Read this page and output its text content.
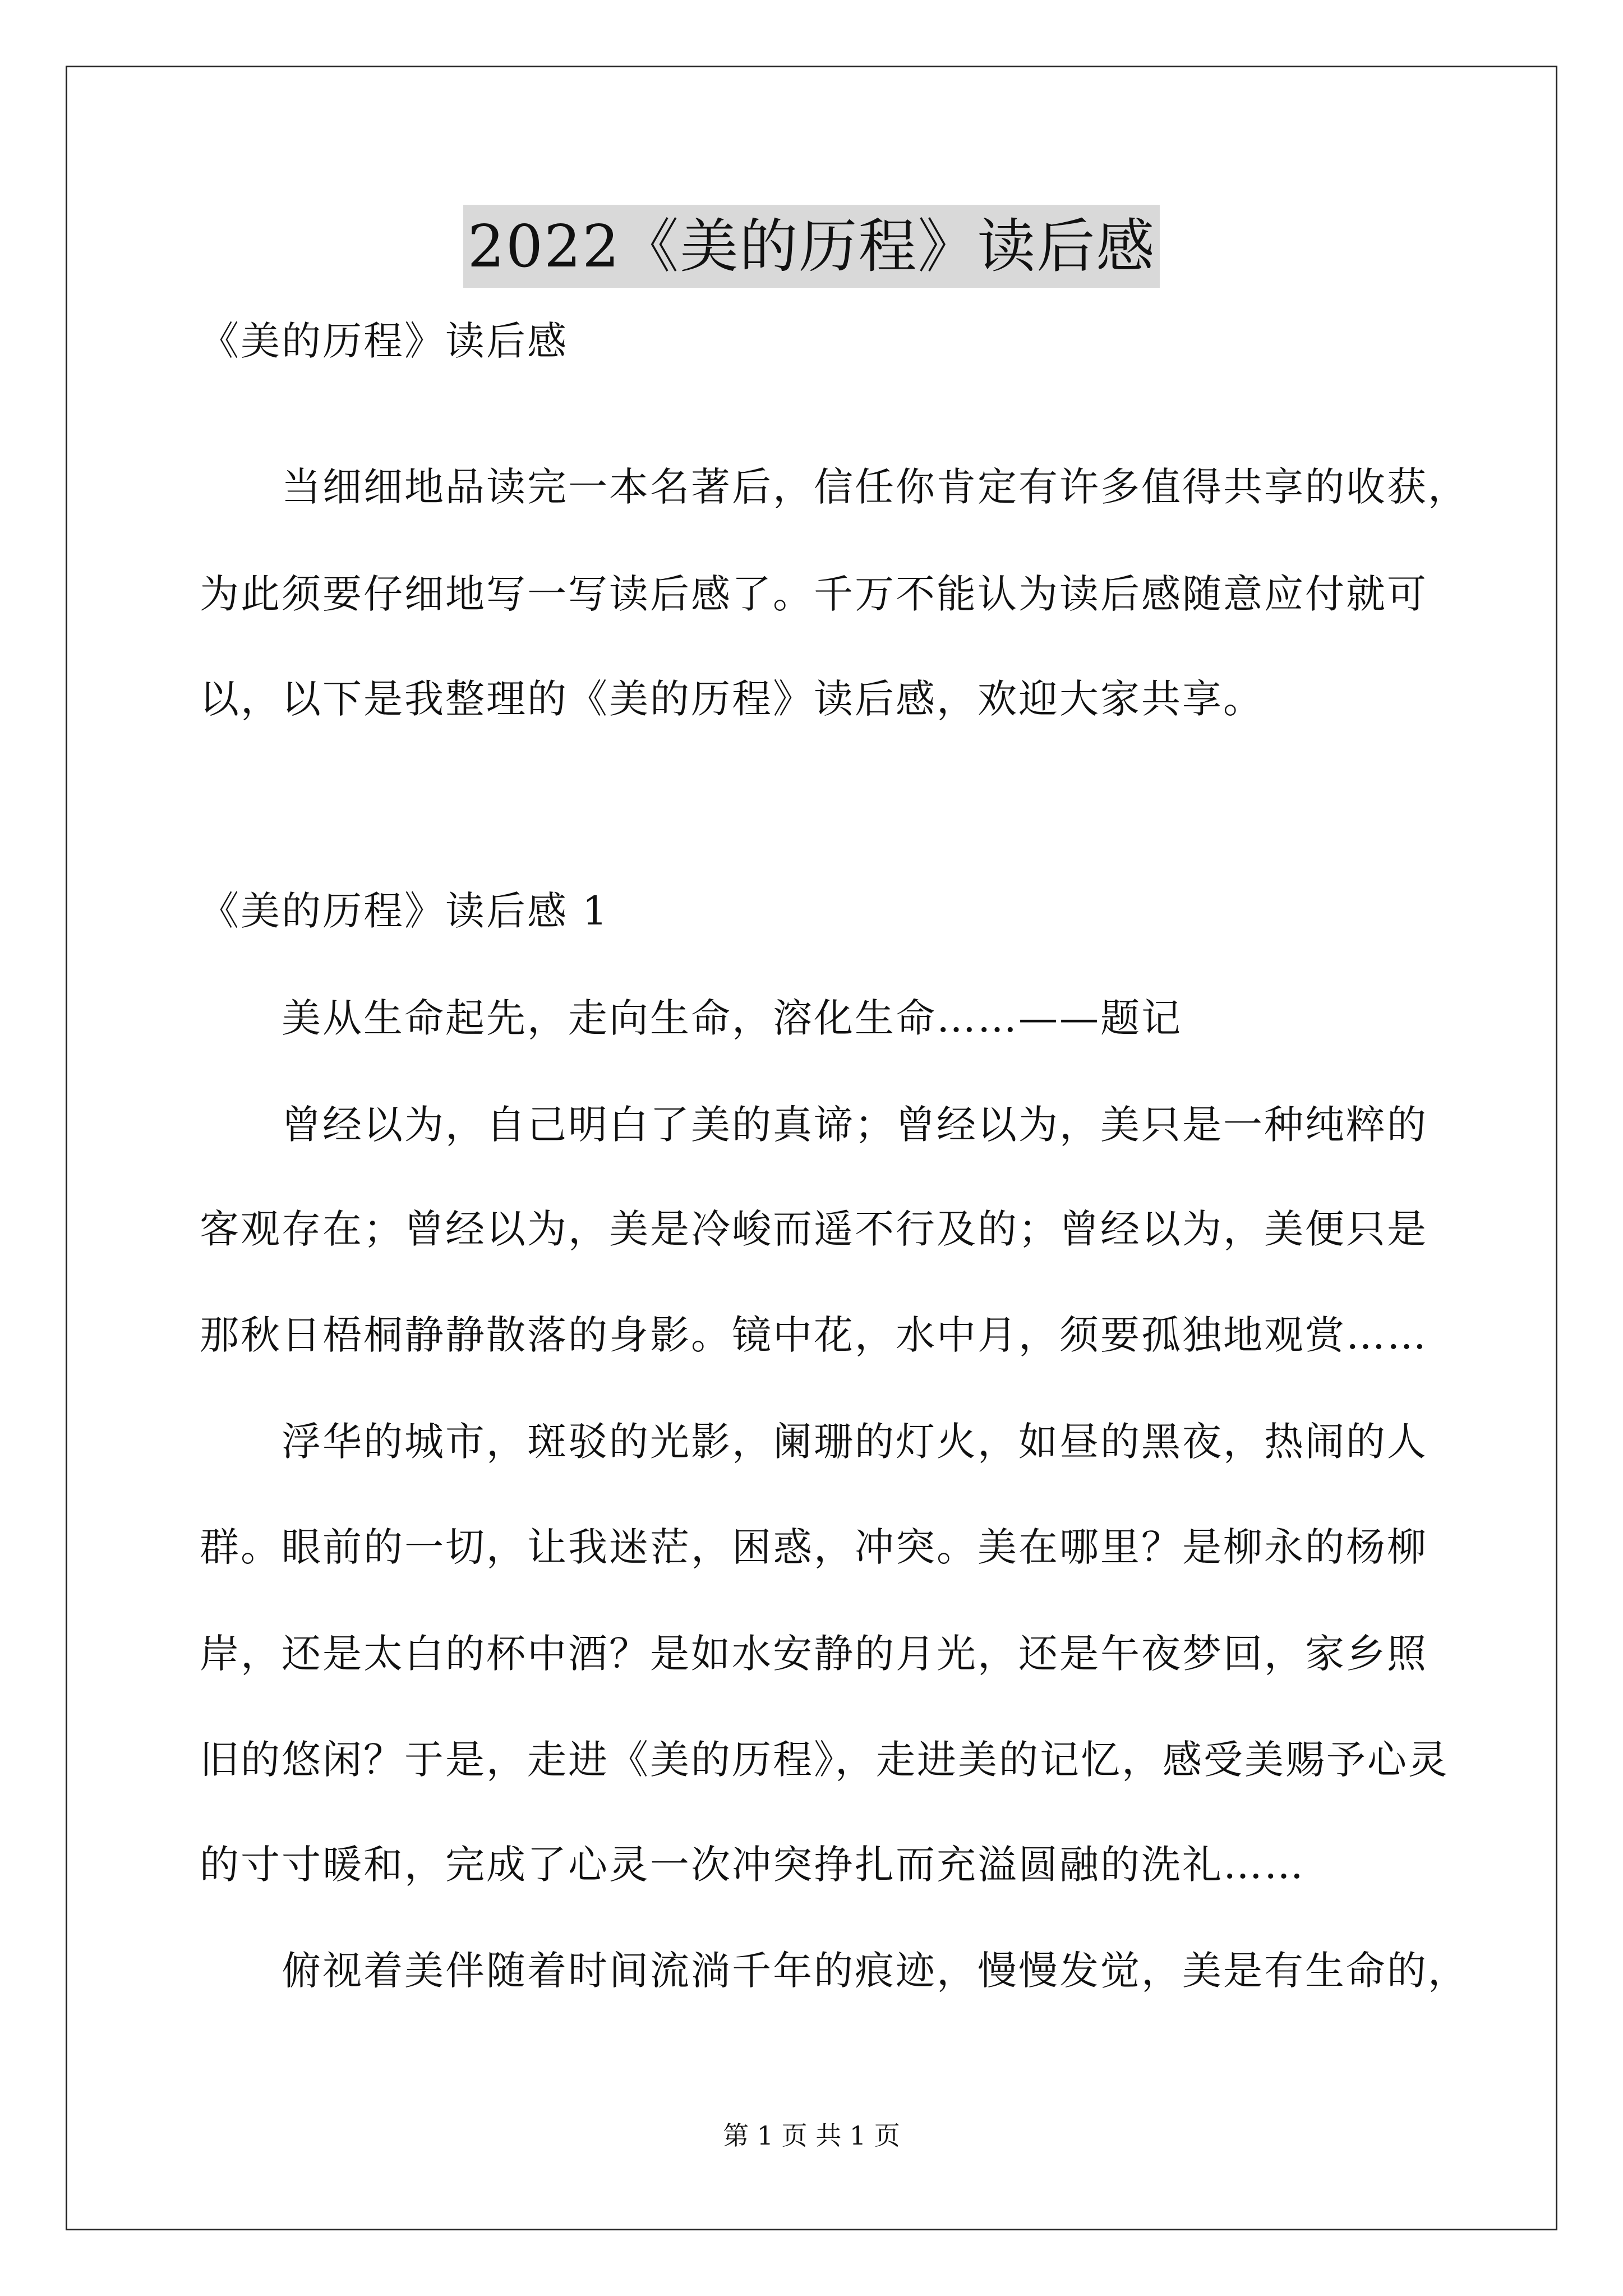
2022《美的历程》读后感
《美的历程》读后感
当细细地品读完一本名著后，信任你肯定有许多值得共享的收获，
为此须要仔细地写一写读后感了。千万不能认为读后感随意应付就可
以，以下是我整理的《美的历程》读后感，欢迎大家共享。
《美的历程》读后感 1
美从生命起先，走向生命，溶化生命……——题记
曾经以为，自己明白了美的真谛；曾经以为，美只是一种纯粹的
客观存在；曾经以为，美是冷峻而遥不行及的；曾经以为，美便只是
那秋日梧桐静静散落的身影。镜中花，水中月，须要孤独地观赏……
浮华的城市，斑驳的光影，阑珊的灯火，如昼的黑夜，热闹的人
群。眼前的一切，让我迷茫，困惑，冲突。美在哪里？是柳永的杨柳
岸，还是太白的杯中酒？是如水安静的月光，还是午夜梦回，家乡照
旧的悠闲？于是，走进《美的历程》，走进美的记忆，感受美赐予心灵
的寸寸暖和，完成了心灵一次冲突挣扎而充溢圆融的洗礼……
俯视着美伴随着时间流淌千年的痕迹，慢慢发觉，美是有生命的，
第 1 页 共 1 页
